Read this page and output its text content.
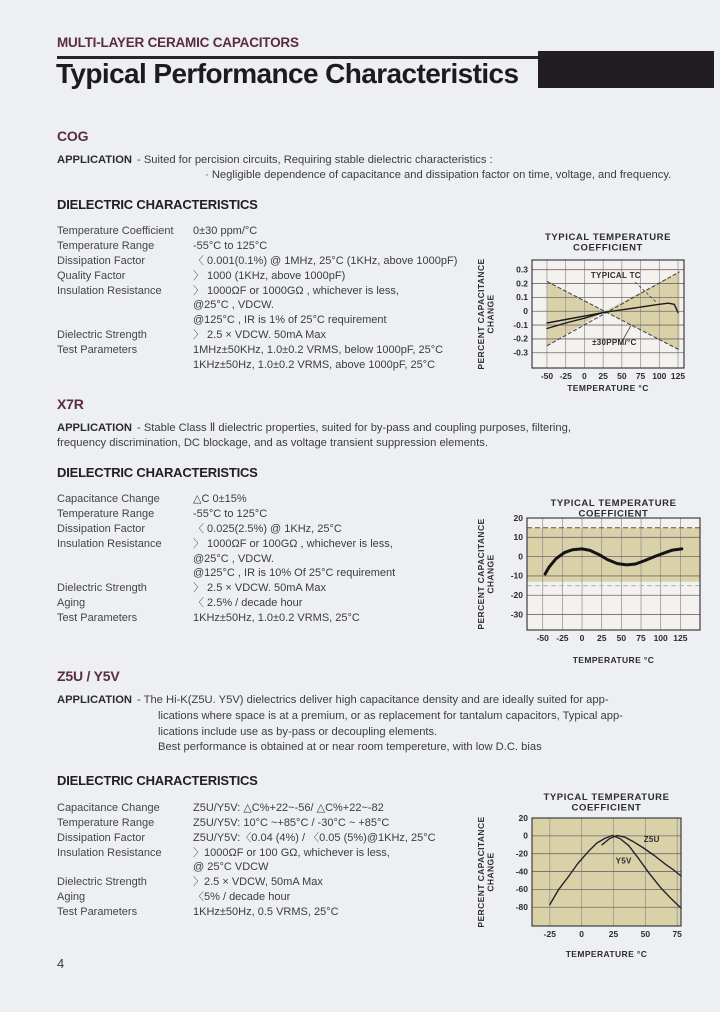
MULTI-LAYER CERAMIC CAPACITORS
Typical Performance Characteristics
COG
APPLICATION - Suited for percision circuits, Requiring stable dielectric characteristics :
· Negligible dependence of capacitance and dissipation factor on time, voltage, and frequency.
DIELECTRIC CHARACTERISTICS
Temperature Coefficient	0±30 ppm/°C
Temperature Range	-55°C to 125°C
Dissipation Factor	〈 0.001(0.1%) @ 1MHz, 25°C (1KHz, above 1000pF)
Quality Factor	〉 1000 (1KHz, above 1000pF)
Insulation Resistance	〉 1000ΩF or 1000GΩ , whichever is less,
@25°C , VDCW.
@125°C , IR is 1% of 25°C requirement
Dielectric Strength	〉 2.5 × VDCW. 50mA Max
Test Parameters	1MHz±50KHz, 1.0±0.2 VRMS, below 1000pF, 25°C
1KHz±50Hz, 1.0±0.2 VRMS, above 1000pF, 25°C
X7R
APPLICATION - Stable Class Ⅱ dielectric properties, suited for by-pass and coupling purposes, filtering,
frequency discrimination, DC blockage, and as voltage transient suppression elements.
DIELECTRIC CHARACTERISTICS
Capacitance Change	△C 0±15%
Temperature Range	-55°C to 125°C
Dissipation Factor	〈 0.025(2.5%) @ 1KHz, 25°C
Insulation Resistance	〉 1000ΩF or 100GΩ , whichever is less,
@25°C , VDCW.
@125°C , IR is 10% Of 25°C requirement
Dielectric Strength	〉 2.5 × VDCW. 50mA Max
Aging	〈 2.5% / decade hour
Test Parameters	1KHz±50Hz, 1.0±0.2 VRMS, 25°C
Z5U / Y5V
APPLICATION - The Hi-K(Z5U. Y5V) dielectrics deliver high capacitance density and are ideally suited for app-
lications where space is at a premium, or as replacement for tantalum capacitors, Typical app-
lications include use as by-pass or decoupling elements.
Best performance is obtained at or near room tempereture, with low D.C. bias
DIELECTRIC CHARACTERISTICS
Capacitance Change	Z5U/Y5V: △C%+22~-56/ △C%+22~-82
Temperature Range	Z5U/Y5V: 10°C ~+85°C / -30°C ~ +85°C
Dissipation Factor	Z5U/Y5V:〈0.04 (4%) / 〈0.05 (5%)@1KHz, 25°C
Insulation Resistance	〉1000ΩF or 100 GΩ, whichever is less,
@ 25°C VDCW
Dielectric Strength	〉2.5 × VDCW, 50mA Max
Aging	〈5% / decade hour
Test Parameters	1KHz±50Hz, 0.5 VRMS, 25°C
0.3
0.2
0.1
0
-0.1
-0.2
-0.3
-50 -25 0 25 50 75 100 125
TYPICAL TEMPERATURE
COEFFICIENT
TEMPERATURE °C
PERCENT CAPACITANCE CHANGE
TYPICAL TC
±30PPM/°C
20
10
0
-10
-20
-30
-50 -25 0 25 50 75 100 125
TYPICAL TEMPERATURE
COEFFICIENT
TEMPERATURE °C
PERCENT CAPACITANCE CHANGE
20
0
-20
-40
-60
-80
-25	0	25	50	75
TYPICAL TEMPERATURE
COEFFICIENT
TEMPERATURE °C
PERCENT CAPACITANCE CHANGE
Z5U
Y5V
4
